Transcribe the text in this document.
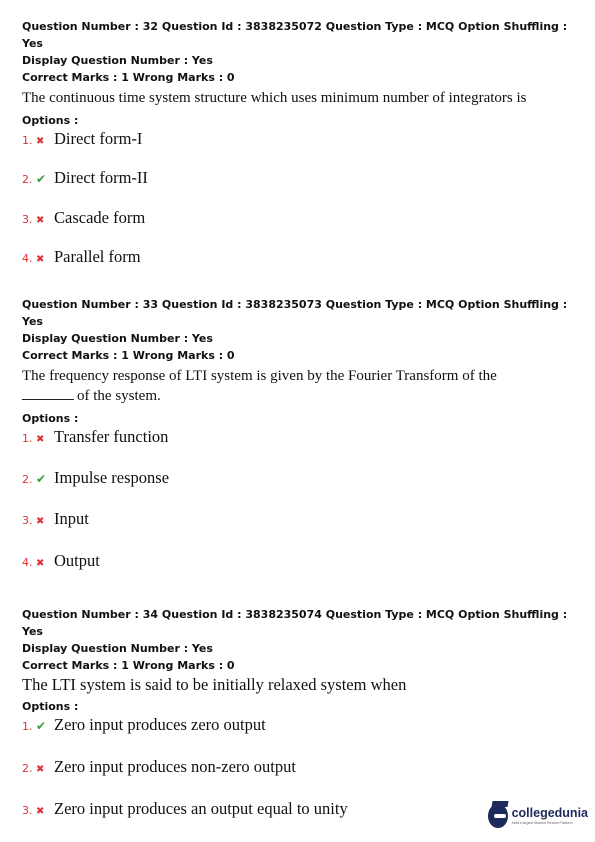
Question Number : 32 Question Id : 3838235072 Question Type : MCQ Option Shuffling : Yes
Display Question Number : Yes
Correct Marks : 1 Wrong Marks : 0
The continuous time system structure which uses minimum number of integrators is
Options :
1. ✖ Direct form-I
2. ✔ Direct form-II
3. ✖ Cascade form
4. ✖ Parallel form
Question Number : 33 Question Id : 3838235073 Question Type : MCQ Option Shuffling : Yes
Display Question Number : Yes
Correct Marks : 1 Wrong Marks : 0
The frequency response of LTI system is given by the Fourier Transform of the
of the system.
Options :
1. ✖ Transfer function
2. ✔ Impulse response
3. ✖ Input
4. ✖ Output
Question Number : 34 Question Id : 3838235074 Question Type : MCQ Option Shuffling : Yes
Display Question Number : Yes
Correct Marks : 1 Wrong Marks : 0
The LTI system is said to be initially relaxed system when
Options :
1. ✔ Zero input produces zero output
2. ✖ Zero input produces non-zero output
3. ✖ Zero input produces an output equal to unity	collegedunia
India's largest Student Review Platform
